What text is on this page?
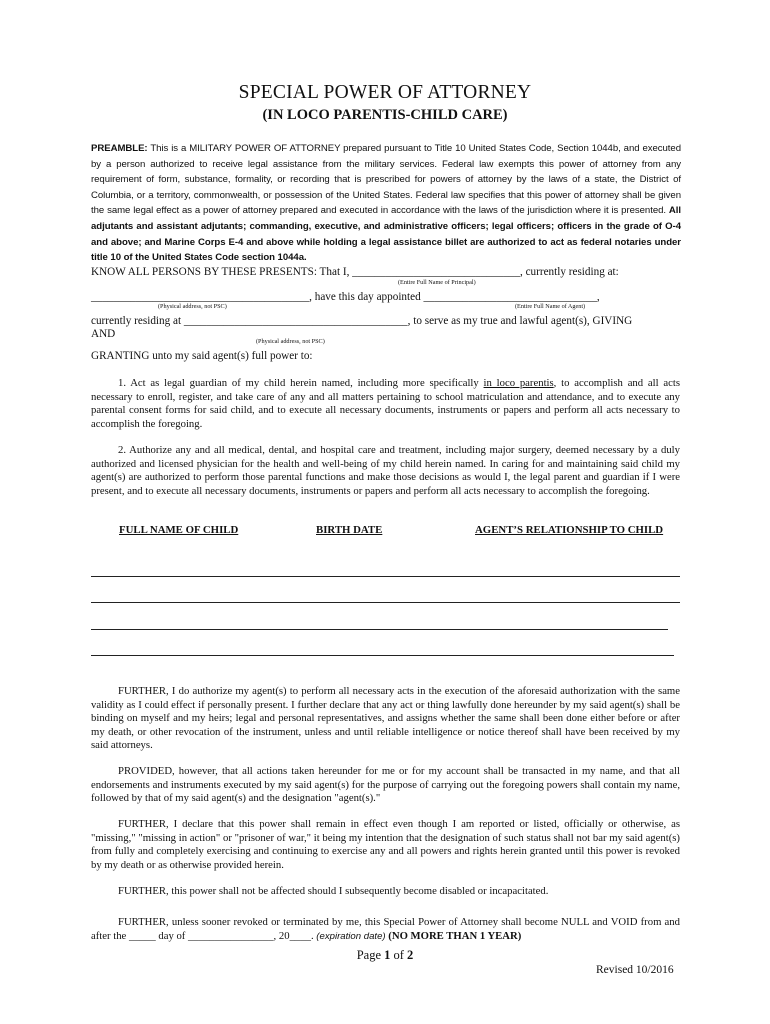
SPECIAL POWER OF ATTORNEY
(IN LOCO PARENTIS-CHILD CARE)
PREAMBLE: This is a MILITARY POWER OF ATTORNEY prepared pursuant to Title 10 United States Code, Section 1044b, and executed by a person authorized to receive legal assistance from the military services. Federal law exempts this power of attorney from any requirement of form, substance, formality, or recording that is prescribed for powers of attorney by the laws of a state, the District of Columbia, or a territory, commonwealth, or possession of the United States. Federal law specifies that this power of attorney shall be given the same legal effect as a power of attorney prepared and executed in accordance with the laws of the jurisdiction where it is presented. All adjutants and assistant adjutants; commanding, executive, and administrative officers; legal officers; officers in the grade of O-4 and above; and Marine Corps E-4 and above while holding a legal assistance billet are authorized to act as federal notaries under title 10 of the United States Code section 1044a.
KNOW ALL PERSONS BY THESE PRESENTS: That I, ______________________________, currently residing at:
(Entire Full Name of Principal)
_______________________________________, have this day appointed _______________________________,
(Physical address, not PSC)	(Entire Full Name of Agent)
currently residing at ________________________________________, to serve as my true and lawful agent(s), GIVING
AND
(Physical address, not PSC)
GRANTING unto my said agent(s) full power to:
1. Act as legal guardian of my child herein named, including more specifically in loco parentis, to accomplish and all acts necessary to enroll, register, and take care of any and all matters pertaining to school matriculation and attendance, and to execute any parental consent forms for said child, and to execute all necessary documents, instruments or papers and perform all acts necessary to accomplish the foregoing.
2. Authorize any and all medical, dental, and hospital care and treatment, including major surgery, deemed necessary by a duly authorized and licensed physician for the health and well-being of my child herein named. In caring for and maintaining said child my agent(s) are authorized to perform those parental functions and make those decisions as would I, the legal parent and guardian if I were present, and to execute all necessary documents, instruments or papers and perform all acts necessary to accomplish the foregoing.
FULL NAME OF CHILD	BIRTH DATE	AGENT’S RELATIONSHIP TO CHILD
FURTHER, I do authorize my agent(s) to perform all necessary acts in the execution of the aforesaid authorization with the same validity as I could effect if personally present. I further declare that any act or thing lawfully done hereunder by my said agent(s) shall be binding on myself and my heirs; legal and personal representatives, and assigns whether the same shall been done either before or after my death, or other revocation of the instrument, unless and until reliable intelligence or notice thereof shall have been received by my said attorneys.
PROVIDED, however, that all actions taken hereunder for me or for my account shall be transacted in my name, and that all endorsements and instruments executed by my said agent(s) for the purpose of carrying out the foregoing powers shall contain my name, followed by that of my said agent(s) and the designation "agent(s)."
FURTHER, I declare that this power shall remain in effect even though I am reported or listed, officially or otherwise, as "missing," "missing in action" or "prisoner of war," it being my intention that the designation of such status shall not bar my said agent(s) from fully and completely exercising and continuing to exercise any and all powers and rights herein granted until this power is revoked by my death or as otherwise provided herein.
FURTHER, this power shall not be affected should I subsequently become disabled or incapacitated.
FURTHER, unless sooner revoked or terminated by me, this Special Power of Attorney shall become NULL and VOID from and after the _____ day of ________________, 20____. (expiration date) (NO MORE THAN 1 YEAR)
Page 1 of 2
Revised 10/2016
